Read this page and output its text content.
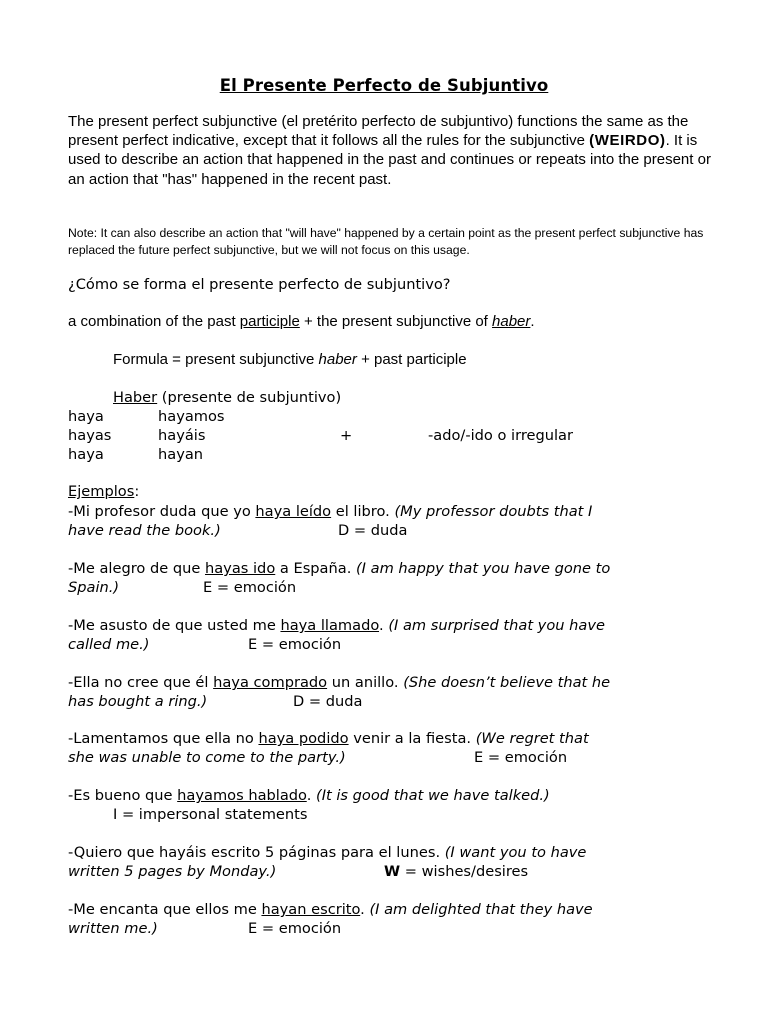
El Presente Perfecto de Subjuntivo
The present perfect subjunctive (el pretérito perfecto de subjuntivo) functions the same as the present perfect indicative, except that it follows all the rules for the subjunctive (WEIRDO). It is used to describe an action that happened in the past and continues or repeats into the present or an action that "has" happened in the recent past.
Note: It can also describe an action that "will have" happened by a certain point as the present perfect subjunctive has replaced the future perfect subjunctive, but we will not focus on this usage.
¿Cómo se forma el presente perfecto de subjuntivo?
a combination of the past participle + the present subjunctive of haber.
Formula = present subjunctive haber + past participle
Haber (presente de subjuntivo)
haya	hayamos
hayas	hayáis	+	-ado/-ido o irregular
haya	hayan
Ejemplos:
-Mi profesor duda que yo haya leído el libro. (My professor doubts that I
have read the book.)	D = duda
-Me alegro de que hayas ido a España. (I am happy that you have gone to
Spain.)	E = emoción
-Me asusto de que usted me haya llamado. (I am surprised that you have
called me.)	E = emoción
-Ella no cree que él haya comprado un anillo. (She doesn’t believe that he
has bought a ring.)	D = duda
-Lamentamos que ella no haya podido venir a la fiesta. (We regret that
she was unable to come to the party.)	E = emoción
-Es bueno que hayamos hablado. (It is good that we have talked.)
I = impersonal statements
-Quiero que hayáis escrito 5 páginas para el lunes. (I want you to have
written 5 pages by Monday.)	W = wishes/desires
-Me encanta que ellos me hayan escrito. (I am delighted that they have
written me.)	E = emoción
